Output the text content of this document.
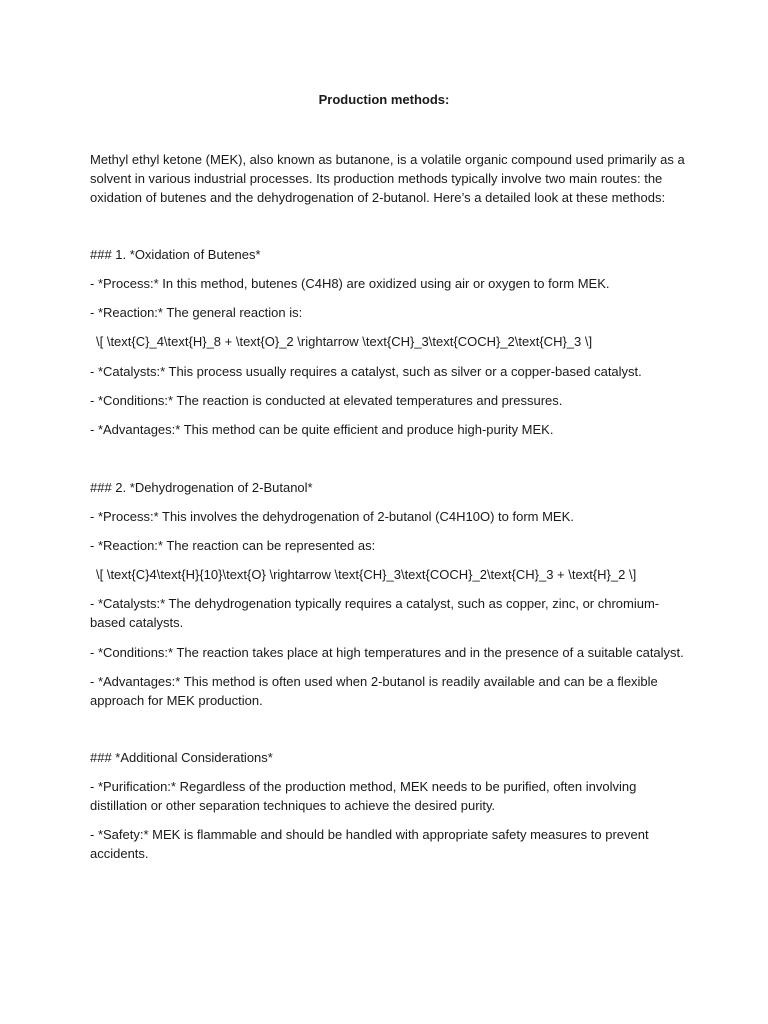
Production methods:

Methyl ethyl ketone (MEK), also known as butanone, is a volatile organic compound used primarily as a

solvent in various industrial processes. Its production methods typically involve two main routes: the

oxidation of butenes and the dehydrogenation of 2-butanol. Here’s a detailed look at these methods:

### 1. *Oxidation of Butenes*

- *Process:* In this method, butenes (C4H8) are oxidized using air or oxygen to form MEK.

- *Reaction:* The general reaction is:

\[ \text{C}_4\text{H}_8 + \text{O}_2 \rightarrow \text{CH}_3\text{COCH}_2\text{CH}_3 \]

- *Catalysts:* This process usually requires a catalyst, such as silver or a copper-based catalyst.

- *Conditions:* The reaction is conducted at elevated temperatures and pressures.

- *Advantages:* This method can be quite efficient and produce high-purity MEK.

### 2. *Dehydrogenation of 2-Butanol*

- *Process:* This involves the dehydrogenation of 2-butanol (C4H10O) to form MEK.

- *Reaction:* The reaction can be represented as:

\[ \text{C}4\text{H}{10}\text{O} \rightarrow \text{CH}_3\text{COCH}_2\text{CH}_3 + \text{H}_2 \]

- *Catalysts:* The dehydrogenation typically requires a catalyst, such as copper, zinc, or chromium-

based catalysts.

- *Conditions:* The reaction takes place at high temperatures and in the presence of a suitable catalyst.

- *Advantages:* This method is often used when 2-butanol is readily available and can be a flexible

approach for MEK production.

### *Additional Considerations*

- *Purification:* Regardless of the production method, MEK needs to be purified, often involving

distillation or other separation techniques to achieve the desired purity.

- *Safety:* MEK is flammable and should be handled with appropriate safety measures to prevent

accidents.
